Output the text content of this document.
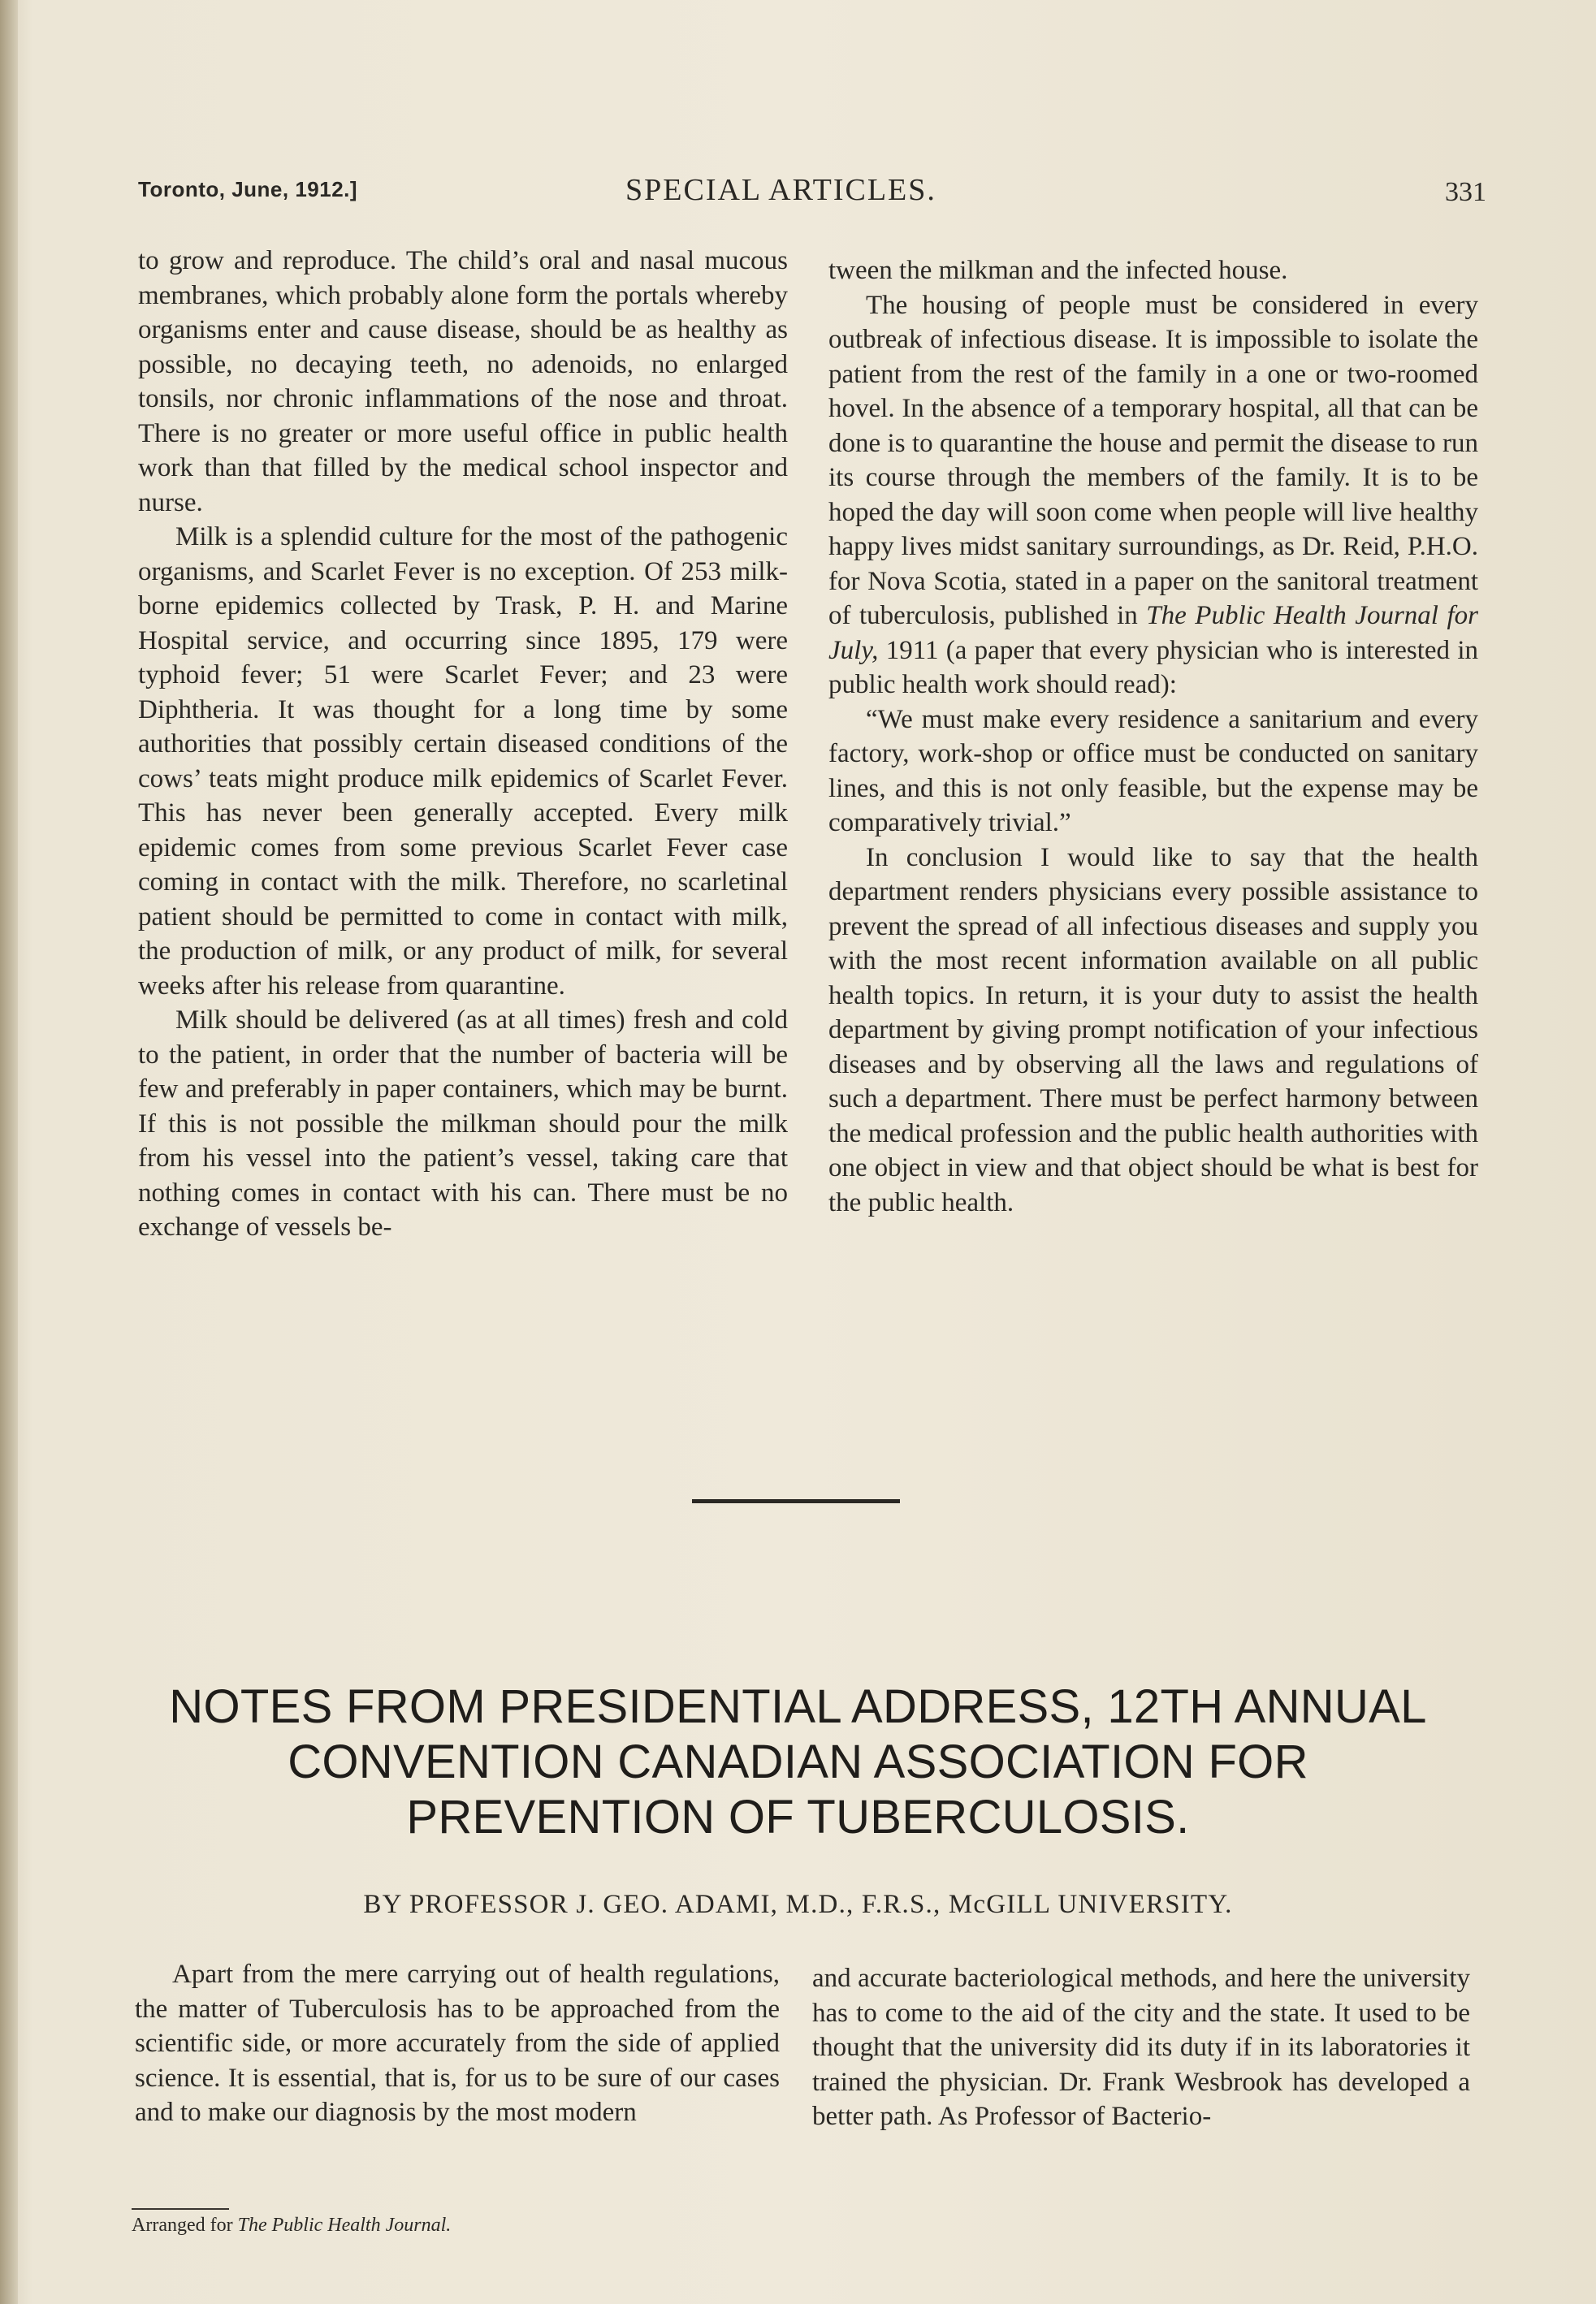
Toronto, June, 1912.]	SPECIAL ARTICLES.	331

to grow and reproduce. The child’s oral and nasal mucous membranes, which probably alone form the portals whereby organisms enter and cause disease, should be as healthy as possible, no decaying teeth, no adenoids, no enlarged tonsils, nor chronic inflammations of the nose and throat. There is no greater or more useful office in public health work than that filled by the medical school inspector and nurse.

Milk is a splendid culture for the most of the pathogenic organisms, and Scarlet Fever is no exception. Of 253 milk-borne epidemics collected by Trask, P. H. and Marine Hospital service, and occurring since 1895, 179 were typhoid fever; 51 were Scarlet Fever; and 23 were Diphtheria. It was thought for a long time by some authorities that possibly certain diseased conditions of the cows’ teats might produce milk epidemics of Scarlet Fever. This has never been generally accepted. Every milk epidemic comes from some previous Scarlet Fever case coming in contact with the milk. Therefore, no scarletinal patient should be permitted to come in contact with milk, the production of milk, or any product of milk, for several weeks after his release from quarantine.

Milk should be delivered (as at all times) fresh and cold to the patient, in order that the number of bacteria will be few and preferably in paper containers, which may be burnt. If this is not possible the milkman should pour the milk from his vessel into the patient’s vessel, taking care that nothing comes in contact with his can. There must be no exchange of vessels be-

tween the milkman and the infected house.

The housing of people must be considered in every outbreak of infectious disease. It is impossible to isolate the patient from the rest of the family in a one or two-roomed hovel. In the absence of a temporary hospital, all that can be done is to quarantine the house and permit the disease to run its course through the members of the family. It is to be hoped the day will soon come when people will live healthy happy lives midst sanitary surroundings, as Dr. Reid, P.H.O. for Nova Scotia, stated in a paper on the sanitoral treatment of tuberculosis, published in The Public Health Journal for July, 1911 (a paper that every physician who is interested in public health work should read):

“We must make every residence a sanitarium and every factory, work-shop or office must be conducted on sanitary lines, and this is not only feasible, but the expense may be comparatively trivial.”

In conclusion I would like to say that the health department renders physicians every possible assistance to prevent the spread of all infectious diseases and supply you with the most recent information available on all public health topics. In return, it is your duty to assist the health department by giving prompt notification of your infectious diseases and by observing all the laws and regulations of such a department. There must be perfect harmony between the medical profession and the public health authorities with one object in view and that object should be what is best for the public health.

NOTES FROM PRESIDENTIAL ADDRESS, 12TH ANNUAL
CONVENTION CANADIAN ASSOCIATION FOR
PREVENTION OF TUBERCULOSIS.
BY PROFESSOR J. GEO. ADAMI, M.D., F.R.S., McGILL UNIVERSITY.

Apart from the mere carrying out of health regulations, the matter of Tuberculosis has to be approached from the scientific side, or more accurately from the side of applied science. It is essential, that is, for us to be sure of our cases and to make our diagnosis by the most modern

and accurate bacteriological methods, and here the university has to come to the aid of the city and the state. It used to be thought that the university did its duty if in its laboratories it trained the physician. Dr. Frank Wesbrook has developed a better path. As Professor of Bacterio-

Arranged for The Public Health Journal.
